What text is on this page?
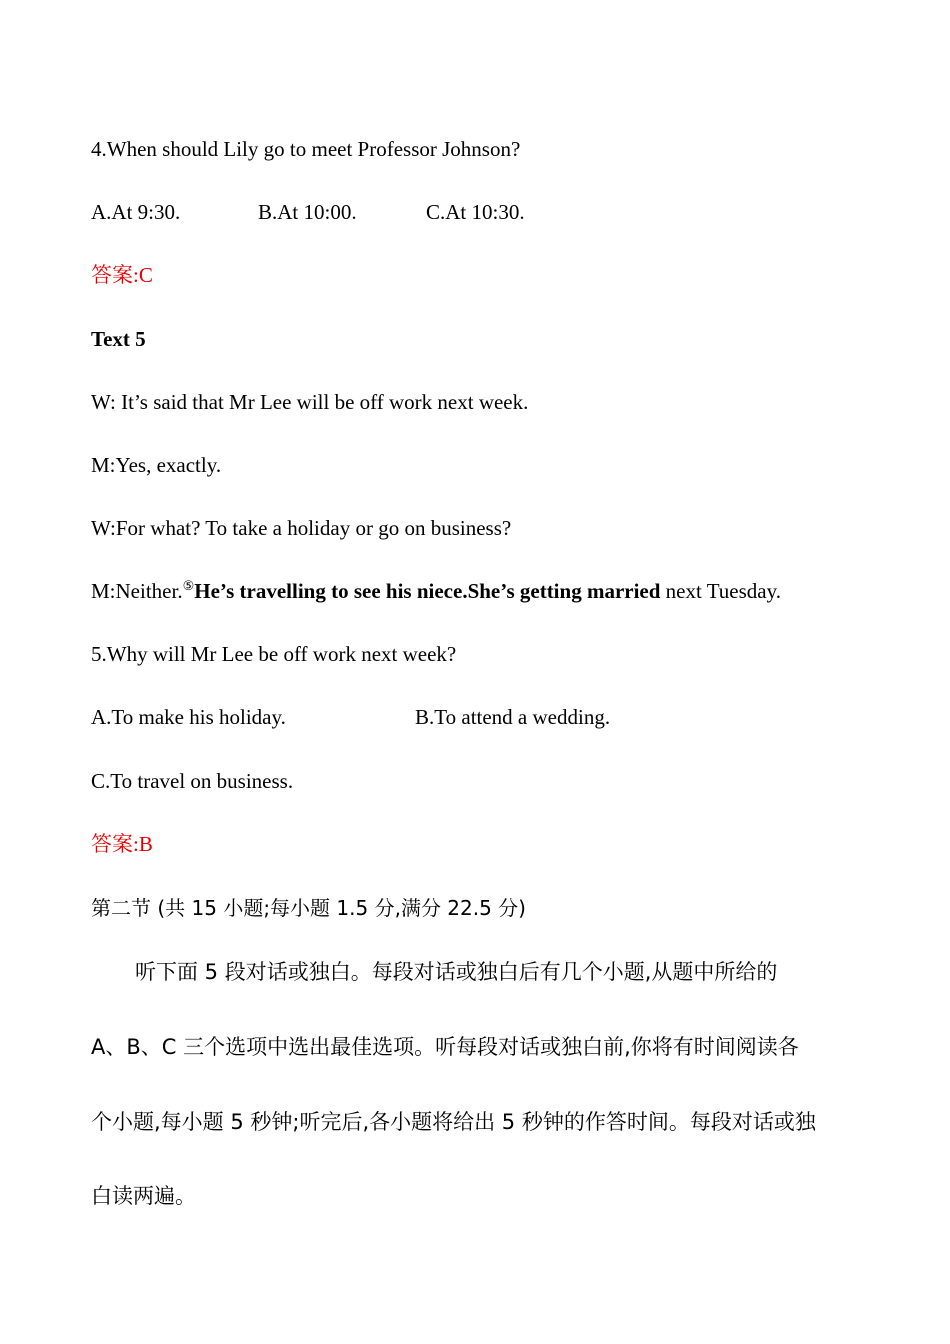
4.When should Lily go to meet Professor Johnson?
A.At 9:30.	B.At 10:00.	C.At 10:30.
答案:C
Text 5
W: It’s said that Mr Lee will be off work next week.
M:Yes, exactly.
W:For what? To take a holiday or go on business?
M:Neither.⑤He’s travelling to see his niece.She’s getting married next Tuesday.
5.Why will Mr Lee be off work next week?
A.To make his holiday.	B.To attend a wedding.
C.To travel on business.
答案:B
第二节 (共 15 小题;每小题 1.5 分,满分 22.5 分)
听下面 5 段对话或独白。每段对话或独白后有几个小题,从题中所给的
A、B、C 三个选项中选出最佳选项。听每段对话或独白前,你将有时间阅读各
个小题,每小题 5 秒钟;听完后,各小题将给出 5 秒钟的作答时间。每段对话或独
白读两遍。
